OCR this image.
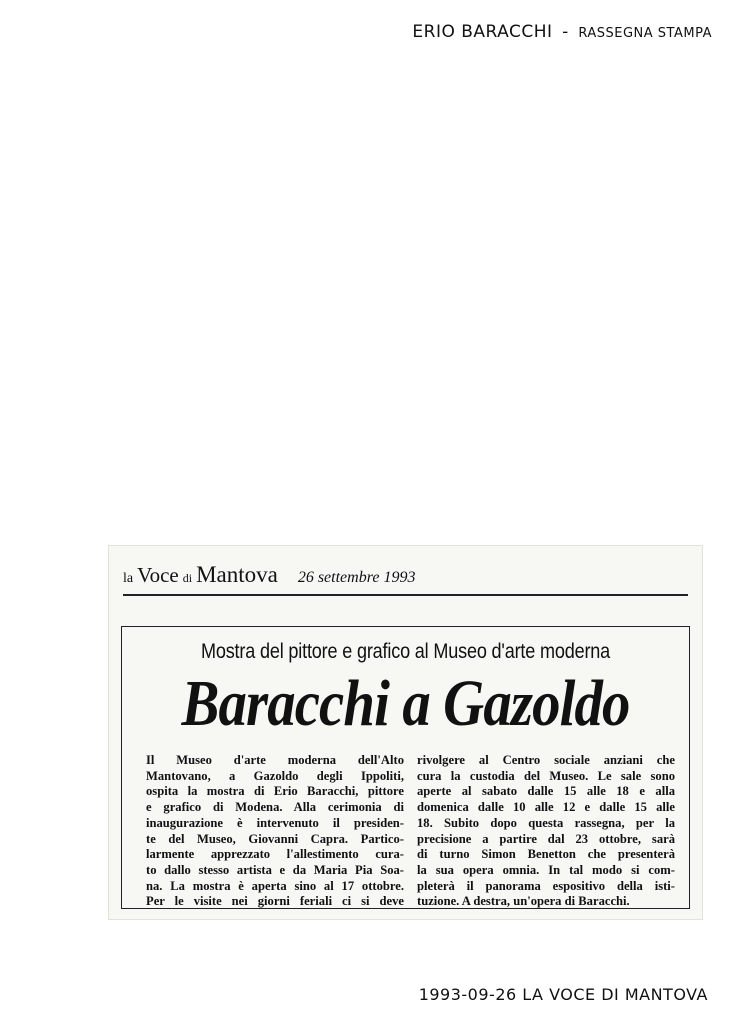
ERIO BARACCHI - RASSEGNA STAMPA
la Voce di Mantova 26 settembre 1993
Mostra del pittore e grafico al Museo d'arte moderna
Baracchi a Gazoldo
Il Museo d'arte moderna dell'Alto
Mantovano, a Gazoldo degli Ippoliti,
ospita la mostra di Erio Baracchi, pittore
e grafico di Modena. Alla cerimonia di
inaugurazione è intervenuto il presiden-
te del Museo, Giovanni Capra. Partico-
larmente apprezzato l'allestimento cura-
to dallo stesso artista e da Maria Pia Soa-
na. La mostra è aperta sino al 17 ottobre.
Per le visite nei giorni feriali ci si deve
rivolgere al Centro sociale anziani che
cura la custodia del Museo. Le sale sono
aperte al sabato dalle 15 alle 18 e alla
domenica dalle 10 alle 12 e dalle 15 alle
18. Subito dopo questa rassegna, per la
precisione a partire dal 23 ottobre, sarà
di turno Simon Benetton che presenterà
la sua opera omnia. In tal modo si com-
pleterà il panorama espositivo della isti-
tuzione. A destra, un'opera di Baracchi.
1993-09-26 LA VOCE DI MANTOVA
